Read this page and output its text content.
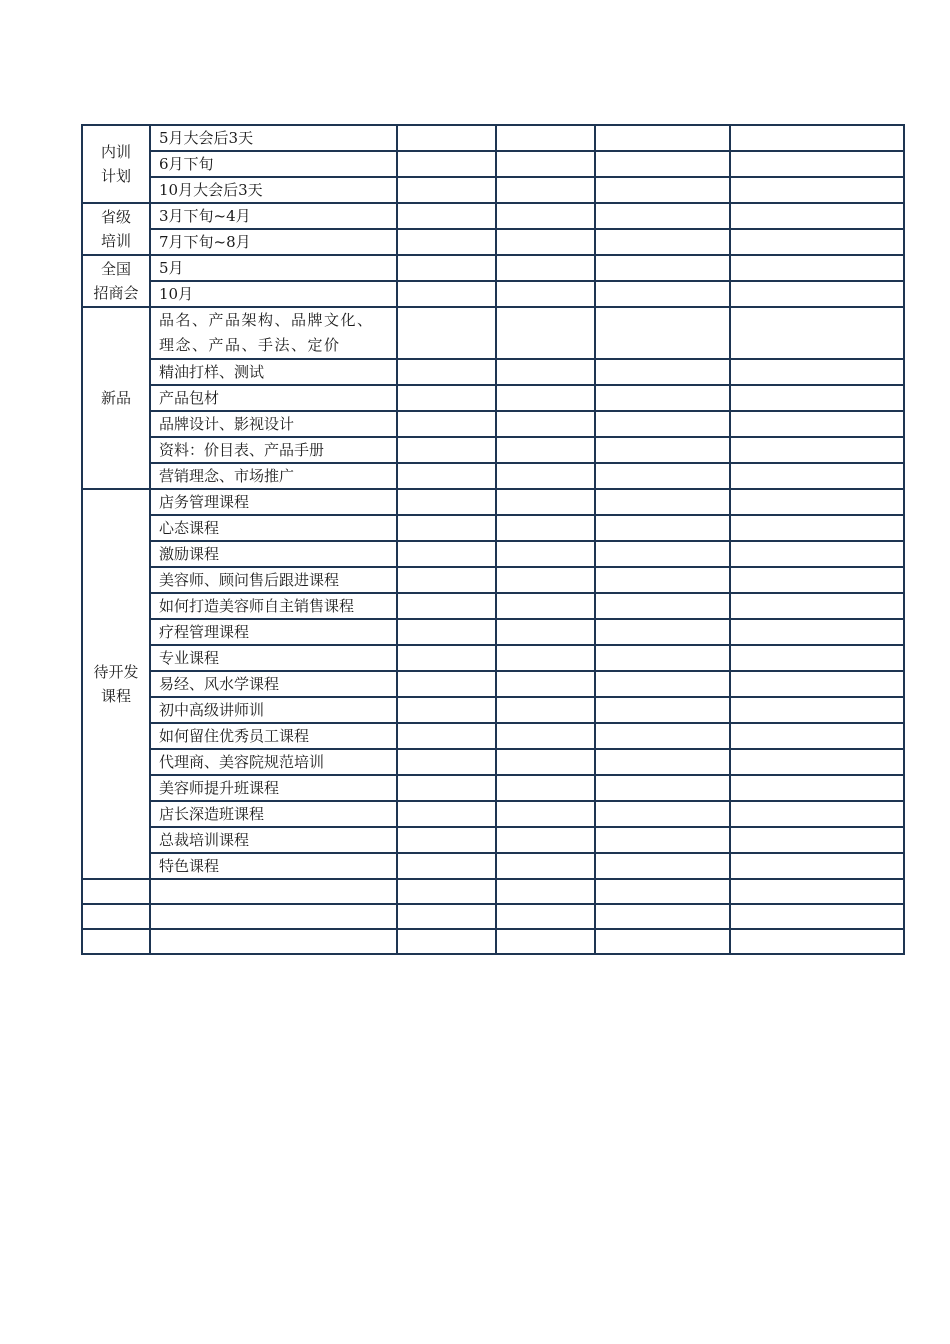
内训
计划	5月大会后3天				
	6月下旬				
	10月大会后3天				

省级
培训	3月下旬~4月				
	7月下旬~8月				

全国
招商会	5月				
	10月				

新品	品名、产品架构、品牌文化、理念、产品、手法、定价				
	精油打样、测试				
	产品包材				
	品牌设计、影视设计				
	资料：价目表、产品手册				
	营销理念、市场推广				

待开发
课程	店务管理课程				
	心态课程				
	激励课程				
	美容师、顾问售后跟进课程				
	如何打造美容师自主销售课程				
	疗程管理课程				
	专业课程				
	易经、风水学课程				
	初中高级讲师训				
	如何留住优秀员工课程				
	代理商、美容院规范培训				
	美容师提升班课程				
	店长深造班课程				
	总裁培训课程				
	特色课程				
